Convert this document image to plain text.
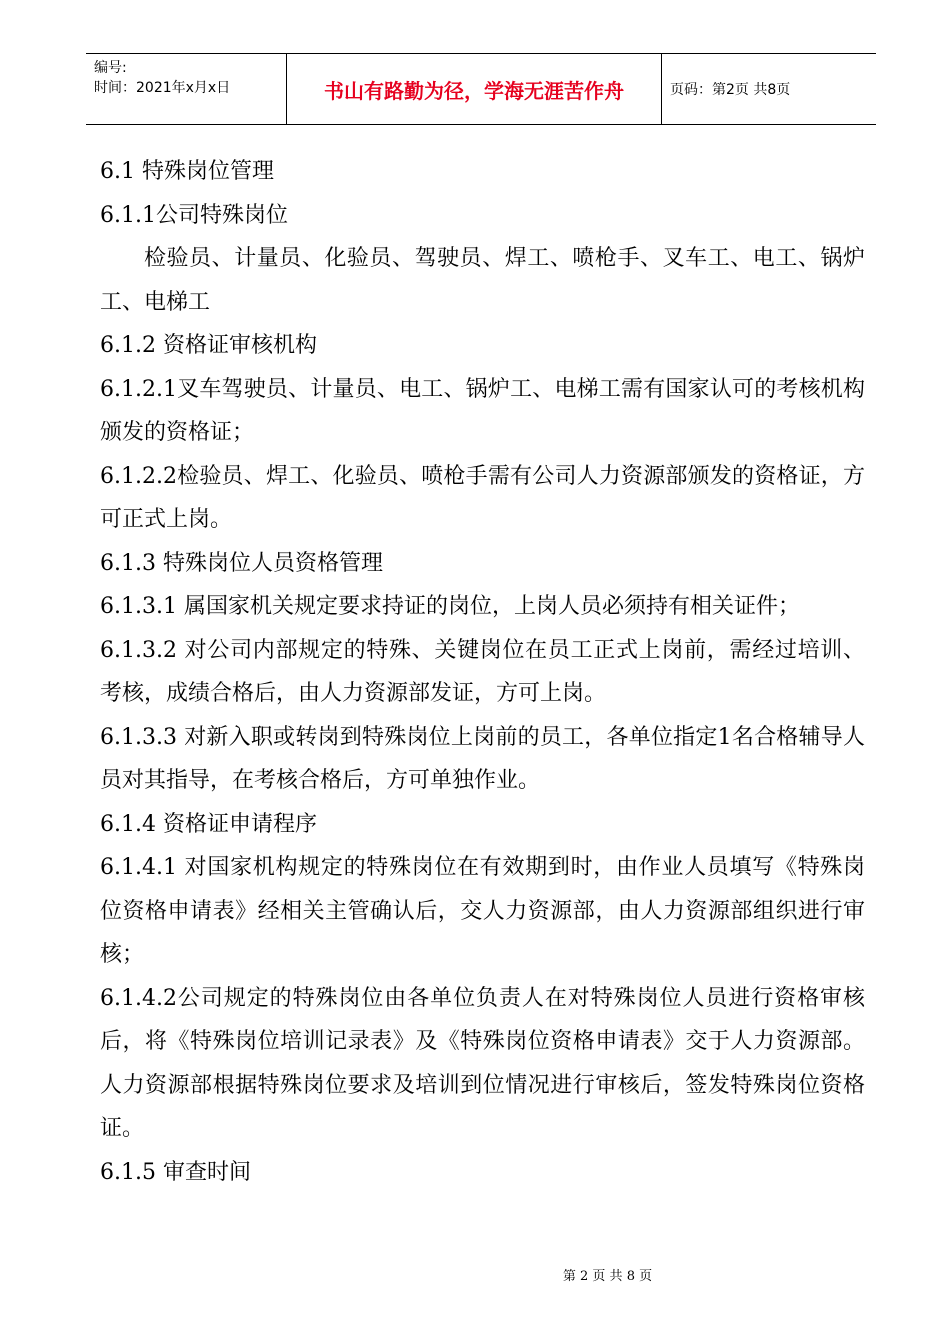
编号:
时间：2021年x月x日	书山有路勤为径，学海无涯苦作舟	页码：第2页 共8页

6.1 特殊岗位管理

6.1.1公司特殊岗位

检验员、计量员、化验员、驾驶员、焊工、喷枪手、叉车工、电工、锅炉工、电梯工

6.1.2 资格证审核机构

6.1.2.1叉车驾驶员、计量员、电工、锅炉工、电梯工需有国家认可的考核机构颁发的资格证；

6.1.2.2检验员、焊工、化验员、喷枪手需有公司人力资源部颁发的资格证，方可正式上岗。

6.1.3 特殊岗位人员资格管理

6.1.3.1 属国家机关规定要求持证的岗位，上岗人员必须持有相关证件；

6.1.3.2 对公司内部规定的特殊、关键岗位在员工正式上岗前，需经过培训、考核，成绩合格后，由人力资源部发证，方可上岗。

6.1.3.3 对新入职或转岗到特殊岗位上岗前的员工，各单位指定1名合格辅导人员对其指导，在考核合格后，方可单独作业。

6.1.4 资格证申请程序

6.1.4.1 对国家机构规定的特殊岗位在有效期到时，由作业人员填写《特殊岗位资格申请表》经相关主管确认后，交人力资源部，由人力资源部组织进行审核；

6.1.4.2公司规定的特殊岗位由各单位负责人在对特殊岗位人员进行资格审核后，将《特殊岗位培训记录表》及《特殊岗位资格申请表》交于人力资源部。人力资源部根据特殊岗位要求及培训到位情况进行审核后，签发特殊岗位资格证。

6.1.5 审查时间

第 2 页 共 8 页
